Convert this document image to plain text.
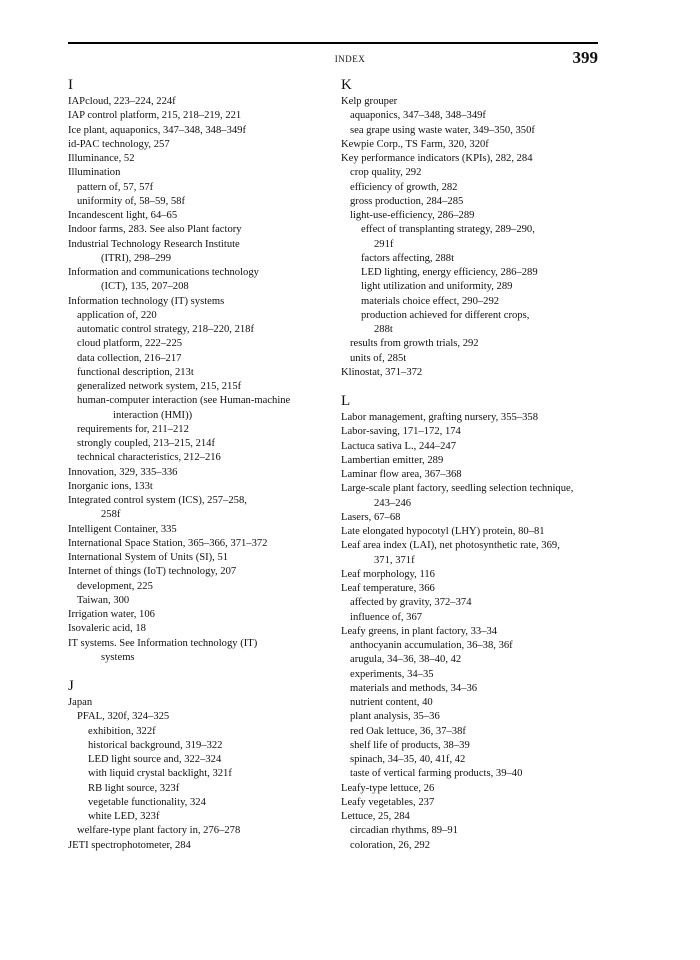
INDEX	399
I
IAPcloud, 223–224, 224f
IAP control platform, 215, 218–219, 221
Ice plant, aquaponics, 347–348, 348–349f
id-PAC technology, 257
Illuminance, 52
Illumination
pattern of, 57, 57f
uniformity of, 58–59, 58f
Incandescent light, 64–65
Indoor farms, 283. See also Plant factory
Industrial Technology Research Institute
(ITRI), 298–299
Information and communications technology
(ICT), 135, 207–208
Information technology (IT) systems
application of, 220
automatic control strategy, 218–220, 218f
cloud platform, 222–225
data collection, 216–217
functional description, 213t
generalized network system, 215, 215f
human-computer interaction (see Human-machine
interaction (HMI))
requirements for, 211–212
strongly coupled, 213–215, 214f
technical characteristics, 212–216
Innovation, 329, 335–336
Inorganic ions, 133t
Integrated control system (ICS), 257–258,
258f
Intelligent Container, 335
International Space Station, 365–366, 371–372
International System of Units (SI), 51
Internet of things (IoT) technology, 207
development, 225
Taiwan, 300
Irrigation water, 106
Isovaleric acid, 18
IT systems. See Information technology (IT)
systems
J
Japan
PFAL, 320f, 324–325
exhibition, 322f
historical background, 319–322
LED light source and, 322–324
with liquid crystal backlight, 321f
RB light source, 323f
vegetable functionality, 324
white LED, 323f
welfare-type plant factory in, 276–278
JETI spectrophotometer, 284
K
Kelp grouper
aquaponics, 347–348, 348–349f
sea grape using waste water, 349–350, 350f
Kewpie Corp., TS Farm, 320, 320f
Key performance indicators (KPIs), 282, 284
crop quality, 292
efficiency of growth, 282
gross production, 284–285
light-use-efficiency, 286–289
effect of transplanting strategy, 289–290,
291f
factors affecting, 288t
LED lighting, energy efficiency, 286–289
light utilization and uniformity, 289
materials choice effect, 290–292
production achieved for different crops,
288t
results from growth trials, 292
units of, 285t
Klinostat, 371–372
L
Labor management, grafting nursery, 355–358
Labor-saving, 171–172, 174
Lactuca sativa L., 244–247
Lambertian emitter, 289
Laminar flow area, 367–368
Large-scale plant factory, seedling selection technique,
243–246
Lasers, 67–68
Late elongated hypocotyl (LHY) protein, 80–81
Leaf area index (LAI), net photosynthetic rate, 369,
371, 371f
Leaf morphology, 116
Leaf temperature, 366
affected by gravity, 372–374
influence of, 367
Leafy greens, in plant factory, 33–34
anthocyanin accumulation, 36–38, 36f
arugula, 34–36, 38–40, 42
experiments, 34–35
materials and methods, 34–36
nutrient content, 40
plant analysis, 35–36
red Oak lettuce, 36, 37–38f
shelf life of products, 38–39
spinach, 34–35, 40, 41f, 42
taste of vertical farming products, 39–40
Leafy-type lettuce, 26
Leafy vegetables, 237
Lettuce, 25, 284
circadian rhythms, 89–91
coloration, 26, 292
